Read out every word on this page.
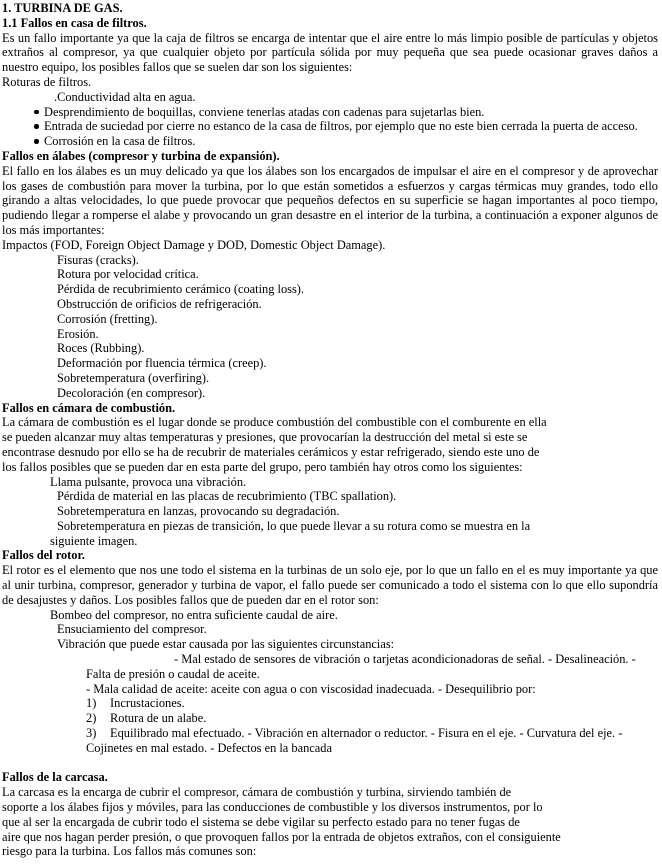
1. TURBINA DE GAS.

1.1 Fallos en casa de filtros.

Es un fallo importante ya que la caja de filtros se encarga de intentar que el aire entre lo más limpio posible de partículas y objetos extraños al compresor, ya que cualquier objeto por partícula sólida por muy pequeña que sea puede ocasionar graves daños a nuestro equipo, los posibles fallos que se suelen dar son los siguientes:

Roturas de filtros.

.Conductividad alta en agua.

Desprendimiento de boquillas, conviene tenerlas atadas con cadenas para sujetarlas bien.

Entrada de suciedad por cierre no estanco de la casa de filtros, por ejemplo que no este bien cerrada la puerta de acceso.

Corrosión en la casa de filtros.

Fallos en álabes (compresor y turbina de expansión).

El fallo en los álabes es un muy delicado ya que los álabes son los encargados de impulsar el aire en el compresor y de aprovechar los gases de combustión para mover la turbina, por lo que están sometidos a esfuerzos y cargas térmicas muy grandes, todo ello girando a altas velocidades, lo que puede provocar que pequeños defectos en su superficie se hagan importantes al poco tiempo, pudiendo llegar a romperse el alabe y provocando un gran desastre en el interior de la turbina, a continuación a exponer algunos de los más importantes:

Impactos (FOD, Foreign Object Damage y DOD, Domestic Object Damage).

Fisuras (cracks).

Rotura por velocidad crítica.

Pérdida de recubrimiento cerámico (coating loss).

Obstrucción de orificios de refrigeración.

Corrosión (fretting).

Erosión.

Roces (Rubbing).

Deformación por fluencia térmica (creep).

Sobretemperatura (overfiring).

Decoloración (en compresor).

Fallos en cámara de combustión.

La cámara de combustión es el lugar donde se produce combustión del combustible con el comburente en ella

se pueden alcanzar muy altas temperaturas y presiones, que provocarían la destrucción del metal si este se

encontrase desnudo por ello se ha de recubrir de materiales cerámicos y estar refrigerado, siendo este uno de

los fallos posibles que se pueden dar en esta parte del grupo, pero también hay otros como los siguientes:

Llama pulsante, provoca una vibración.

Pérdida de material en las placas de recubrimiento (TBC spallation).

Sobretemperatura en lanzas, provocando su degradación.

Sobretemperatura en piezas de transición, lo que puede llevar a su rotura como se muestra en la

siguiente imagen.

Fallos del rotor.

El rotor es el elemento que nos une todo el sistema en la turbinas de un solo eje, por lo que un fallo en el es muy importante ya que al unir turbina, compresor, generador y turbina de vapor, el fallo puede ser comunicado a todo el sistema con lo que ello supondría de desajustes y daños. Los posibles fallos que de pueden dar en el rotor son:

Bombeo del compresor, no entra suficiente caudal de aire.

Ensuciamiento del compresor.

Vibración que puede estar causada por las siguientes circunstancias:

- Mal estado de sensores de vibración o tarjetas acondicionadoras de señal. - Desalineación. - Falta de presión o caudal de aceite.

- Mala calidad de aceite: aceite con agua o con viscosidad inadecuada. - Desequilibrio por:

1) Incrustaciones.

2) Rotura de un alabe.

3) Equilibrado mal efectuado. - Vibración en alternador o reductor. - Fisura en el eje. - Curvatura del eje. - Cojinetes en mal estado. - Defectos en la bancada

Fallos de la carcasa.

La carcasa es la encarga de cubrir el compresor, cámara de combustión y turbina, sirviendo también de

soporte a los álabes fijos y móviles, para las conducciones de combustible y los diversos instrumentos, por lo

que al ser la encargada de cubrir todo el sistema se debe vigilar su perfecto estado para no tener fugas de

aire que nos hagan perder presión, o que provoquen fallos por la entrada de objetos extraños, con el consiguiente

riesgo para la turbina. Los fallos más comunes son:
